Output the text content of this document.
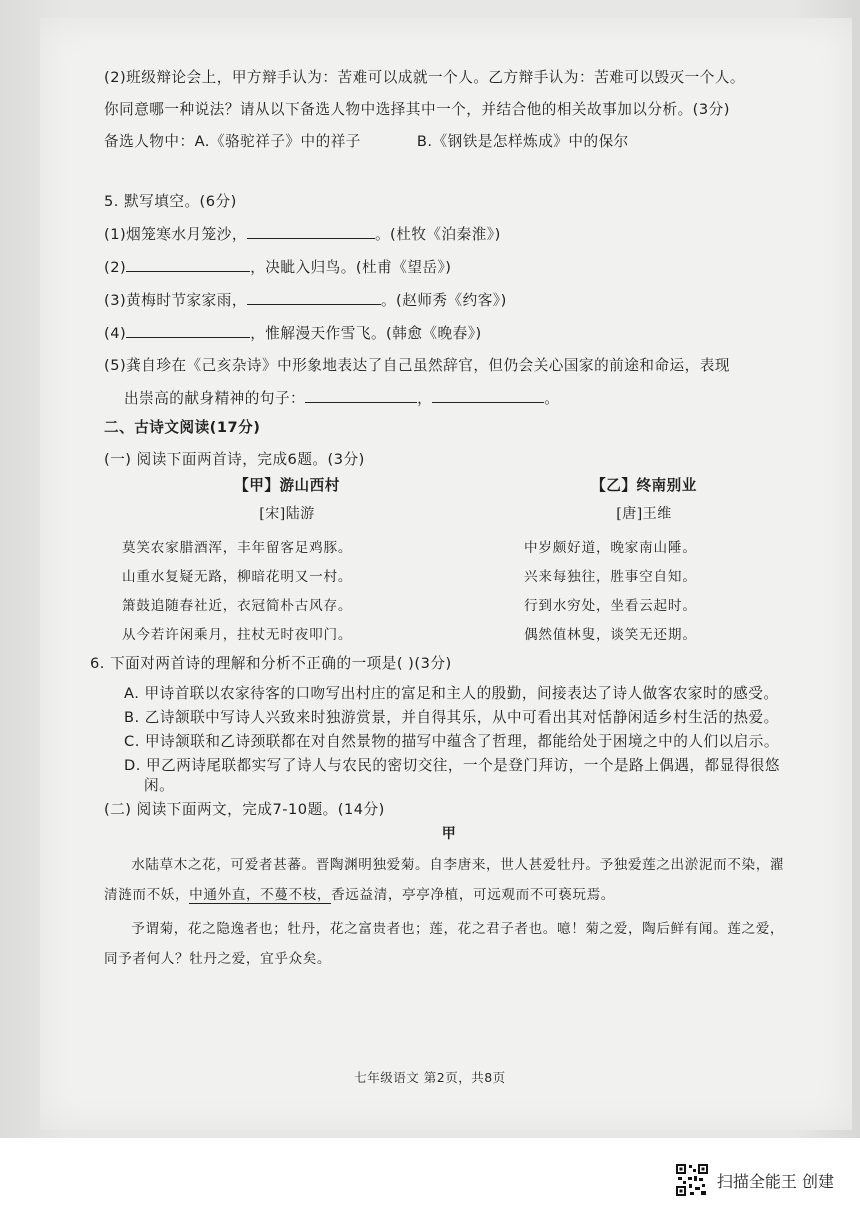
(2)班级辩论会上，甲方辩手认为：苦难可以成就一个人。乙方辩手认为：苦难可以毁灭一个人。

你同意哪一种说法？请从以下备选人物中选择其中一个，并结合他的相关故事加以分析。(3分)

备选人物中：A.《骆驼祥子》中的祥子	B.《钢铁是怎样炼成》中的保尔

5. 默写填空。(6分)

(1)烟笼寒水月笼沙，	。(杜牧《泊秦淮》)

(2)	，决眦入归鸟。(杜甫《望岳》)

(3)黄梅时节家家雨，	。(赵师秀《约客》)

(4)	，惟解漫天作雪飞。(韩愈《晚春》)

(5)龚自珍在《己亥杂诗》中形象地表达了自己虽然辞官，但仍会关心国家的前途和命运，表现

出崇高的献身精神的句子：	，	。

二、古诗文阅读(17分)

(一) 阅读下面两首诗，完成6题。(3分)

【甲】游山西村

[宋]陆游

莫笑农家腊酒浑，丰年留客足鸡豚。

山重水复疑无路，柳暗花明又一村。

箫鼓追随春社近，衣冠简朴古风存。

从今若许闲乘月，拄杖无时夜叩门。

【乙】终南别业

[唐]王维

中岁颇好道，晚家南山陲。

兴来每独往，胜事空自知。

行到水穷处，坐看云起时。

偶然值林叟，谈笑无还期。

6. 下面对两首诗的理解和分析不正确的一项是( )(3分)

A. 甲诗首联以农家待客的口吻写出村庄的富足和主人的殷勤，间接表达了诗人做客农家时的感受。

B. 乙诗颔联中写诗人兴致来时独游赏景，并自得其乐，从中可看出其对恬静闲适乡村生活的热爱。

C. 甲诗颔联和乙诗颈联都在对自然景物的描写中蕴含了哲理，都能给处于困境之中的人们以启示。

D. 甲乙两诗尾联都实写了诗人与农民的密切交往，一个是登门拜访，一个是路上偶遇，都显得很悠闲。

(二) 阅读下面两文，完成7-10题。(14分)

甲

水陆草木之花，可爱者甚蕃。晋陶渊明独爱菊。自李唐来，世人甚爱牡丹。予独爱莲之出淤泥而不染，濯清涟而不妖，中通外直，不蔓不枝，香远益清，亭亭净植，可远观而不可亵玩焉。

予谓菊，花之隐逸者也；牡丹，花之富贵者也；莲，花之君子者也。噫！菊之爱，陶后鲜有闻。莲之爱，同予者何人？牡丹之爱，宜乎众矣。

七年级语文 第2页，共8页
扫描全能王 创建
